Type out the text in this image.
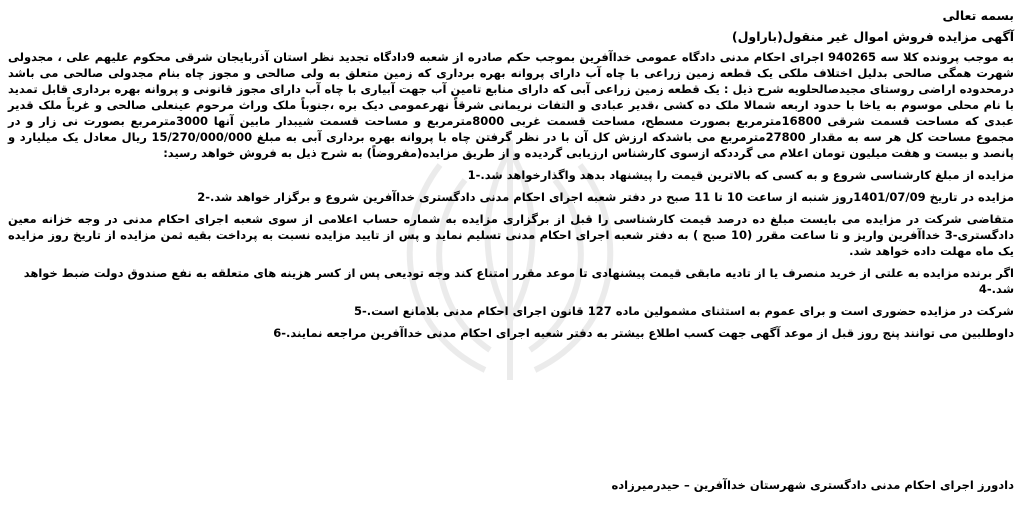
بسمه تعالی

آگهی مزایده فروش اموال غیر منقول(باراول)

به موجب پرونده کلا سه 940265 اجرای احکام مدنی دادگاه عمومی خداآفرین بموجب حکم صادره از شعبه 9دادگاه تجدید نظر استان آذربایجان شرقی محکوم علیهم علی ، مجدولی شهرت همگی صالحی بدلیل اختلاف ملکی یک قطعه زمین زراعی با چاه آب دارای پروانه بهره برداری که زمین متعلق به ولی صالحی و مجوز چاه بنام مجدولی صالحی می باشد درمحدوده اراضی روستای مجیدصالحلویه شرح ذیل : یک قطعه زمین زراعی آبی که دارای منابع تامین آب جهت آبیاری با چاه آب دارای مجوز قانونی و پروانه بهره برداری قابل تمدید با نام محلی موسوم به یاخا با حدود اربعه شمالا ملک ده کشی ،قدیر عبادی و التفات نریمانی شرقاً نهرعمومی دیک بره ،جنوباً ملک وراث مرحوم عینعلی صالحی و غرباً ملک قدیر عبدی که مساحت قسمت شرقی 16800مترمربع بصورت مسطح، مساحت قسمت غربی 8000مترمربع و مساحت قسمت شیبدار مابین آنها 3000مترمربع بصورت نی زار و در مجموع مساحت کل هر سه به مقدار 27800مترمربع می باشدکه ارزش کل آن با در نظر گرفتن چاه با پروانه بهره برداری آبی به مبلغ 15/270/000/000 ریال معادل یک میلیارد و پانصد و بیست و هفت میلیون تومان اعلام می گرددکه ازسوی کارشناس ارزیابی گردیده و از طریق مزایده(مفروضاً) به شرح ذیل به فروش خواهد رسید:

مزایده از مبلغ کارشناسی شروع و به کسی که بالاترین قیمت را پیشنهاد بدهد واگذارخواهد شد.-1

مزایده در تاریخ 1401/07/09روز شنبه از ساعت 10 تا 11 صبح در دفتر شعبه اجرای احکام مدنی دادگستری خداآفرین شروع و برگزار خواهد شد.-2

متقاضی شرکت در مزایده می بایست مبلغ ده درصد قیمت کارشناسی را قبل از برگزاری مزایده به شماره حساب اعلامی از سوی شعبه اجرای احکام مدنی در وجه خزانه معین دادگستری-3 خداآفرین واریز و تا ساعت مقرر (10 صبح ) به دفتر شعبه اجرای احکام مدنی تسلیم نماید و پس از تایید مزایده نسبت به پرداخت بقیه ثمن مزایده از تاریخ روز مزایده یک ماه مهلت داده خواهد شد.

اگر برنده مزایده به علتی از خرید منصرف یا از تادیه مابقی قیمت پیشنهادی تا موعد مقرر امتناع کند وجه تودیعی پس از کسر هزینه های متعلقه به نفع صندوق دولت ضبط خواهد شد.-4

شرکت در مزایده حضوری است و برای عموم به استثنای مشمولین ماده 127 قانون اجرای احکام مدنی بلامانع است.-5

داوطلبین می توانند پنج روز قبل از موعد آگهی جهت کسب اطلاع بیشتر به دفتر شعبه اجرای احکام مدنی خداآفرین مراجعه نمایند.-6

دادورز اجرای احکام مدنی دادگستری شهرستان خداآفرین – حیدرمیرزاده
